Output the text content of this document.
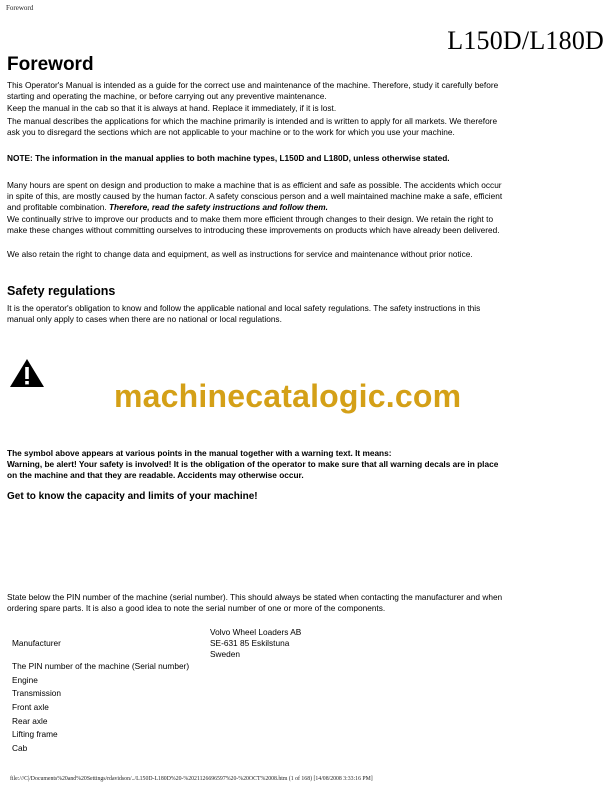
Foreword
L150D/L180D
Foreword

This Operator's Manual is intended as a guide for the correct use and maintenance of the machine. Therefore, study it carefully before starting and operating the machine, or before carrying out any preventive maintenance.

Keep the manual in the cab so that it is always at hand. Replace it immediately, if it is lost.

The manual describes the applications for which the machine primarily is intended and is written to apply for all markets. We therefore ask you to disregard the sections which are not applicable to your machine or to the work for which you use your machine.

NOTE: The information in the manual applies to both machine types, L150D and L180D, unless otherwise stated.

Many hours are spent on design and production to make a machine that is as efficient and safe as possible. The accidents which occur in spite of this, are mostly caused by the human factor. A safety conscious person and a well maintained machine make a safe, efficient and profitable combination. Therefore, read the safety instructions and follow them.

We continually strive to improve our products and to make them more efficient through changes to their design. We retain the right to make these changes without committing ourselves to introducing these improvements on products which have already been delivered.

We also retain the right to change data and equipment, as well as instructions for service and maintenance without prior notice.

Safety regulations

It is the operator's obligation to know and follow the applicable national and local safety regulations. The safety instructions in this manual only apply to cases when there are no national or local regulations.

machinecatalogic.com

The symbol above appears at various points in the manual together with a warning text. It means:

Warning, be alert! Your safety is involved! It is the obligation of the operator to make sure that all warning decals are in place on the machine and that they are readable. Accidents may otherwise occur.

Get to know the capacity and limits of your machine!

State below the PIN number of the machine (serial number). This should always be stated when contacting the manufacturer and when ordering spare parts. It is also a good idea to note the serial number of one or more of the components.

Manufacturer	
Volvo Wheel Loaders AB
SE-631 85 Eskilstuna
Sweden

The PIN number of the machine (Serial number)
Engine
Transmission
Front axle
Rear axle
Lifting frame
Cab
file:///C|/Documents%20and%20Settings/rdavidson/../L150D-L180D%20-%2021126696597%20-%20OCT%2008.htm (1 of 168) [14/08/2008 3:33:16 PM]
